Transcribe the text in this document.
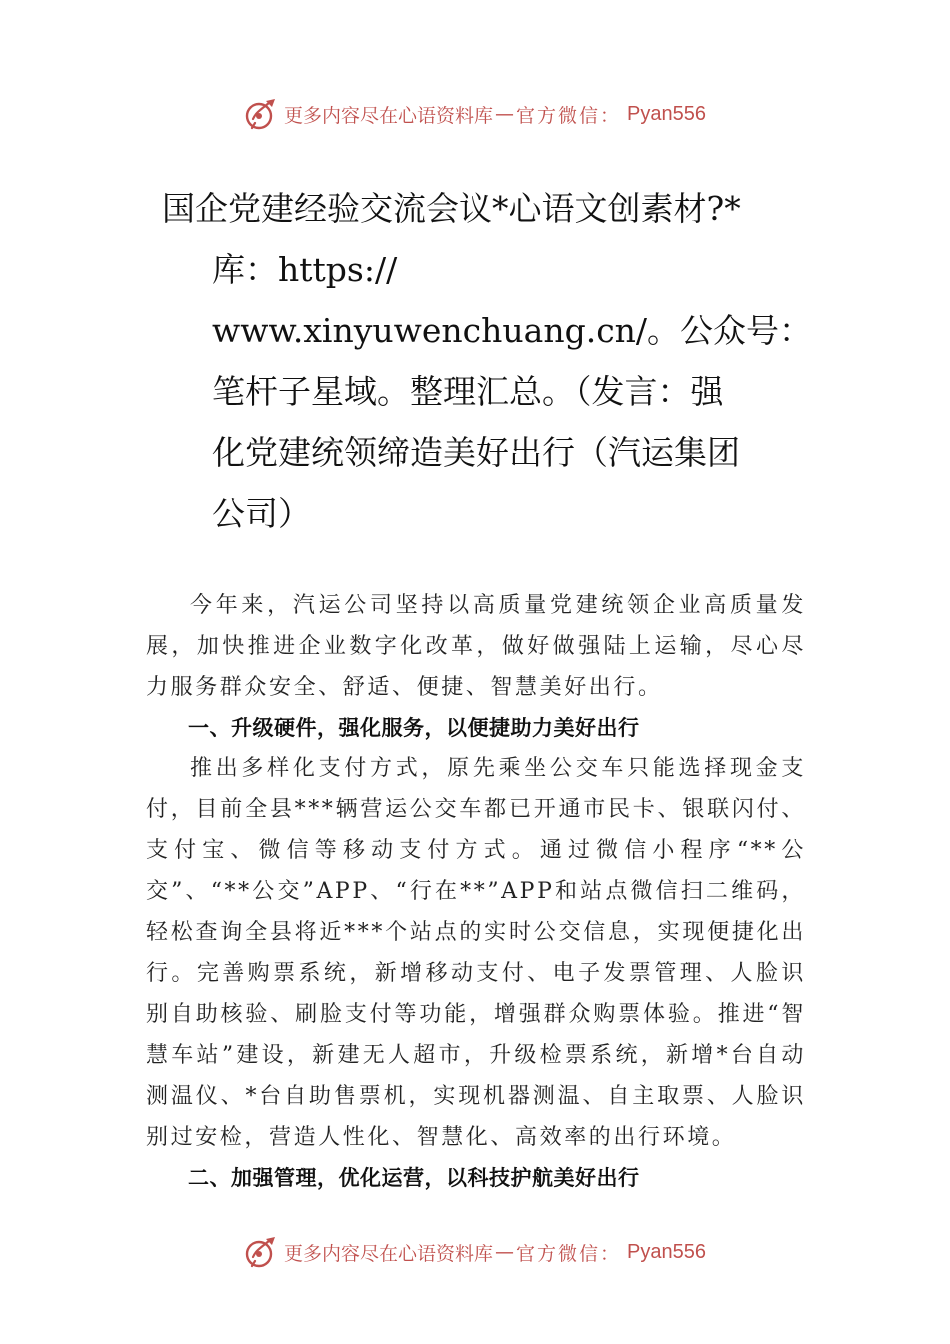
更多内容尽在心语资料库 — 官方微信： Pyan556
国企党建经验交流会议*心语文创素材?*
库：https://
www.xinyuwenchuang.cn/。公众号：
笔杆子星域。整理汇总。（发言：强
化党建统领缔造美好出行（汽运集团
公司）

今年来，汽运公司坚持以高质量党建统领企业高质量发展，加快推进企业数字化改革，做好做强陆上运输，尽心尽力服务群众安全、舒适、便捷、智慧美好出行。

一、升级硬件，强化服务，以便捷助力美好出行

推出多样化支付方式，原先乘坐公交车只能选择现金支付，目前全县***辆营运公交车都已开通市民卡、银联闪付、支付宝、微信等移动支付方式。通过微信小程序“**公交”、“**公交”APP、“行在**”APP和站点微信扫二维码，轻松查询全县将近***个站点的实时公交信息，实现便捷化出行。完善购票系统，新增移动支付、电子发票管理、人脸识别自助核验、刷脸支付等功能，增强群众购票体验。推进“智慧车站”建设，新建无人超市，升级检票系统，新增*台自动测温仪、*台自助售票机，实现机器测温、自主取票、人脸识别过安检，营造人性化、智慧化、高效率的出行环境。

二、加强管理，优化运营，以科技护航美好出行

更多内容尽在心语资料库 — 官方微信： Pyan556
